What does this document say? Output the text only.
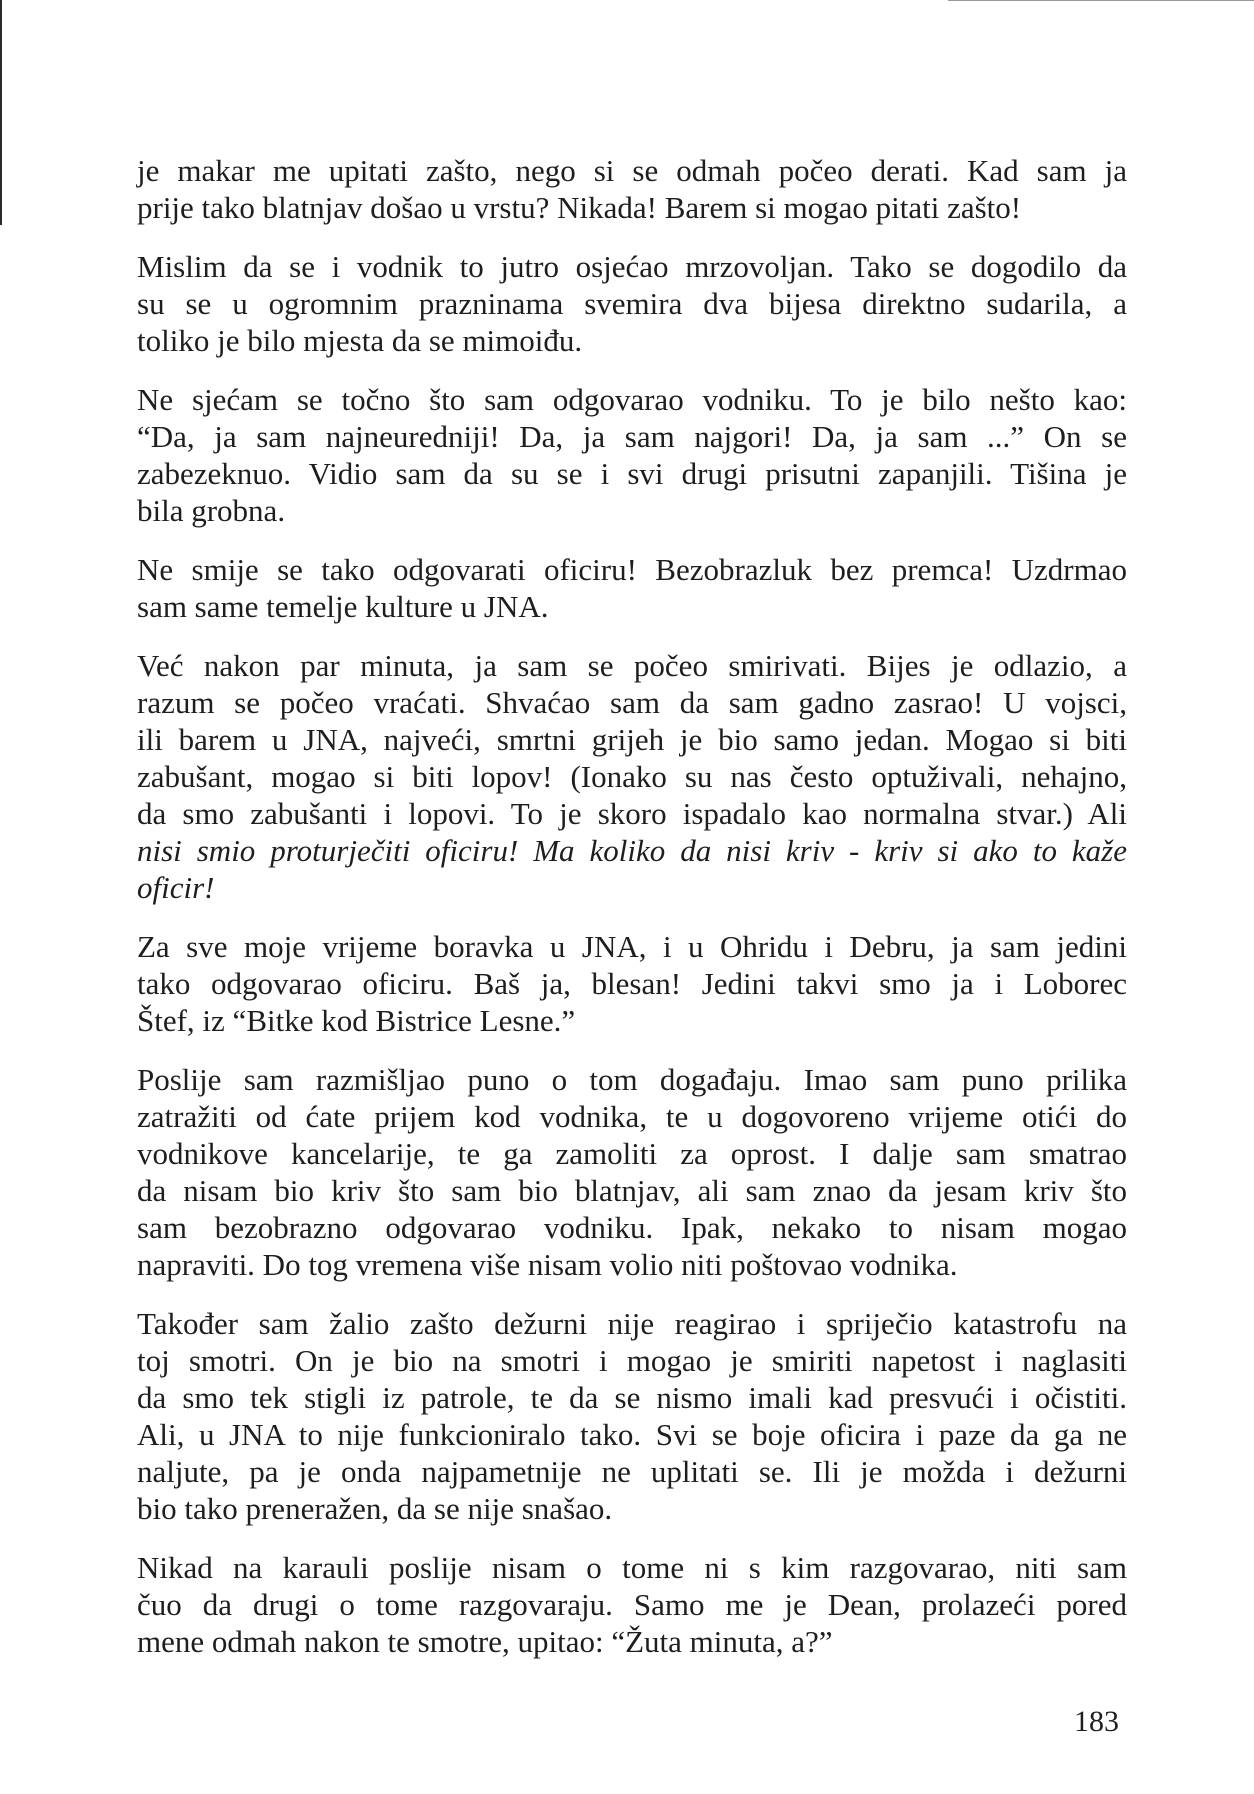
je makar me upitati zašto, nego si se odmah počeo derati. Kad sam ja
prije tako blatnjav došao u vrstu? Nikada! Barem si mogao pitati zašto!

Mislim da se i vodnik to jutro osjećao mrzovoljan. Tako se dogodilo da
su se u ogromnim prazninama svemira dva bijesa direktno sudarila, a
toliko je bilo mjesta da se mimoiđu.

Ne sjećam se točno što sam odgovarao vodniku. To je bilo nešto kao:
“Da, ja sam najneuredniji! Da, ja sam najgori! Da, ja sam ...” On se
zabezeknuo. Vidio sam da su se i svi drugi prisutni zapanjili. Tišina je
bila grobna.

Ne smije se tako odgovarati oficiru! Bezobrazluk bez premca! Uzdrmao
sam same temelje kulture u JNA.

Već nakon par minuta, ja sam se počeo smirivati. Bijes je odlazio, a
razum se počeo vraćati. Shvaćao sam da sam gadno zasrao! U vojsci,
ili barem u JNA, najveći, smrtni grijeh je bio samo jedan. Mogao si biti
zabušant, mogao si biti lopov! (Ionako su nas često optuživali, nehajno,
da smo zabušanti i lopovi. To je skoro ispadalo kao normalna stvar.) Ali
nisi smio proturječiti oficiru! Ma koliko da nisi kriv - kriv si ako to kaže
oficir!

Za sve moje vrijeme boravka u JNA, i u Ohridu i Debru, ja sam jedini
tako odgovarao oficiru. Baš ja, blesan! Jedini takvi smo ja i Loborec
Štef, iz “Bitke kod Bistrice Lesne.”

Poslije sam razmišljao puno o tom događaju. Imao sam puno prilika
zatražiti od ćate prijem kod vodnika, te u dogovoreno vrijeme otići do
vodnikove kancelarije, te ga zamoliti za oprost. I dalje sam smatrao
da nisam bio kriv što sam bio blatnjav, ali sam znao da jesam kriv što
sam bezobrazno odgovarao vodniku. Ipak, nekako to nisam mogao
napraviti. Do tog vremena više nisam volio niti poštovao vodnika.

Također sam žalio zašto dežurni nije reagirao i spriječio katastrofu na
toj smotri. On je bio na smotri i mogao je smiriti napetost i naglasiti
da smo tek stigli iz patrole, te da se nismo imali kad presvući i očistiti.
Ali, u JNA to nije funkcioniralo tako. Svi se boje oficira i paze da ga ne
naljute, pa je onda najpametnije ne uplitati se. Ili je možda i dežurni
bio tako preneražen, da se nije snašao.

Nikad na karauli poslije nisam o tome ni s kim razgovarao, niti sam
čuo da drugi o tome razgovaraju. Samo me je Dean, prolazeći pored
mene odmah nakon te smotre, upitao: “Žuta minuta, a?”

183
